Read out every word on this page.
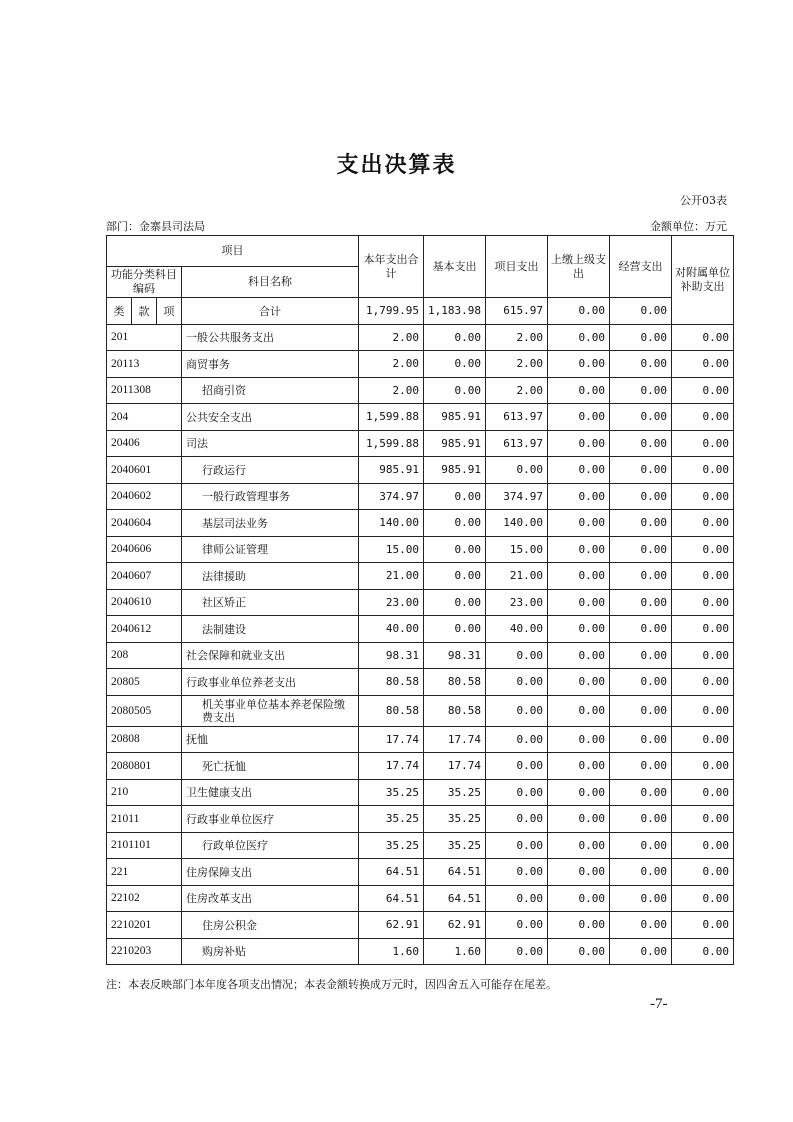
支出决算表
公开03表
部门：金寨县司法局	金额单位：万元
项目				本年支出合计	基本支出	项目支出	上缴上级支出	经营支出	对附属单位补助支出
功能分类科目编码			科目名称						
类	款	项	合计	1,799.95	1,183.98	615.97	0.00	0.00	
201			一般公共服务支出	2.00	0.00	2.00	0.00	0.00	0.00
20113			商贸事务	2.00	0.00	2.00	0.00	0.00	0.00
2011308			招商引资	2.00	0.00	2.00	0.00	0.00	0.00
204			公共安全支出	1,599.88	985.91	613.97	0.00	0.00	0.00
20406			司法	1,599.88	985.91	613.97	0.00	0.00	0.00
2040601			行政运行	985.91	985.91	0.00	0.00	0.00	0.00
2040602			一般行政管理事务	374.97	0.00	374.97	0.00	0.00	0.00
2040604			基层司法业务	140.00	0.00	140.00	0.00	0.00	0.00
2040606			律师公证管理	15.00	0.00	15.00	0.00	0.00	0.00
2040607			法律援助	21.00	0.00	21.00	0.00	0.00	0.00
2040610			社区矫正	23.00	0.00	23.00	0.00	0.00	0.00
2040612			法制建设	40.00	0.00	40.00	0.00	0.00	0.00
208			社会保障和就业支出	98.31	98.31	0.00	0.00	0.00	0.00
20805			行政事业单位养老支出	80.58	80.58	0.00	0.00	0.00	0.00
2080505			机关事业单位基本养老保险缴费支出	80.58	80.58	0.00	0.00	0.00	0.00
20808			抚恤	17.74	17.74	0.00	0.00	0.00	0.00
2080801			死亡抚恤	17.74	17.74	0.00	0.00	0.00	0.00
210			卫生健康支出	35.25	35.25	0.00	0.00	0.00	0.00
21011			行政事业单位医疗	35.25	35.25	0.00	0.00	0.00	0.00
2101101			行政单位医疗	35.25	35.25	0.00	0.00	0.00	0.00
221			住房保障支出	64.51	64.51	0.00	0.00	0.00	0.00
22102			住房改革支出	64.51	64.51	0.00	0.00	0.00	0.00
2210201			住房公积金	62.91	62.91	0.00	0.00	0.00	0.00
2210203			购房补贴	1.60	1.60	0.00	0.00	0.00	0.00
注：本表反映部门本年度各项支出情况；本表金额转换成万元时，因四舍五入可能存在尾差。
-7-
